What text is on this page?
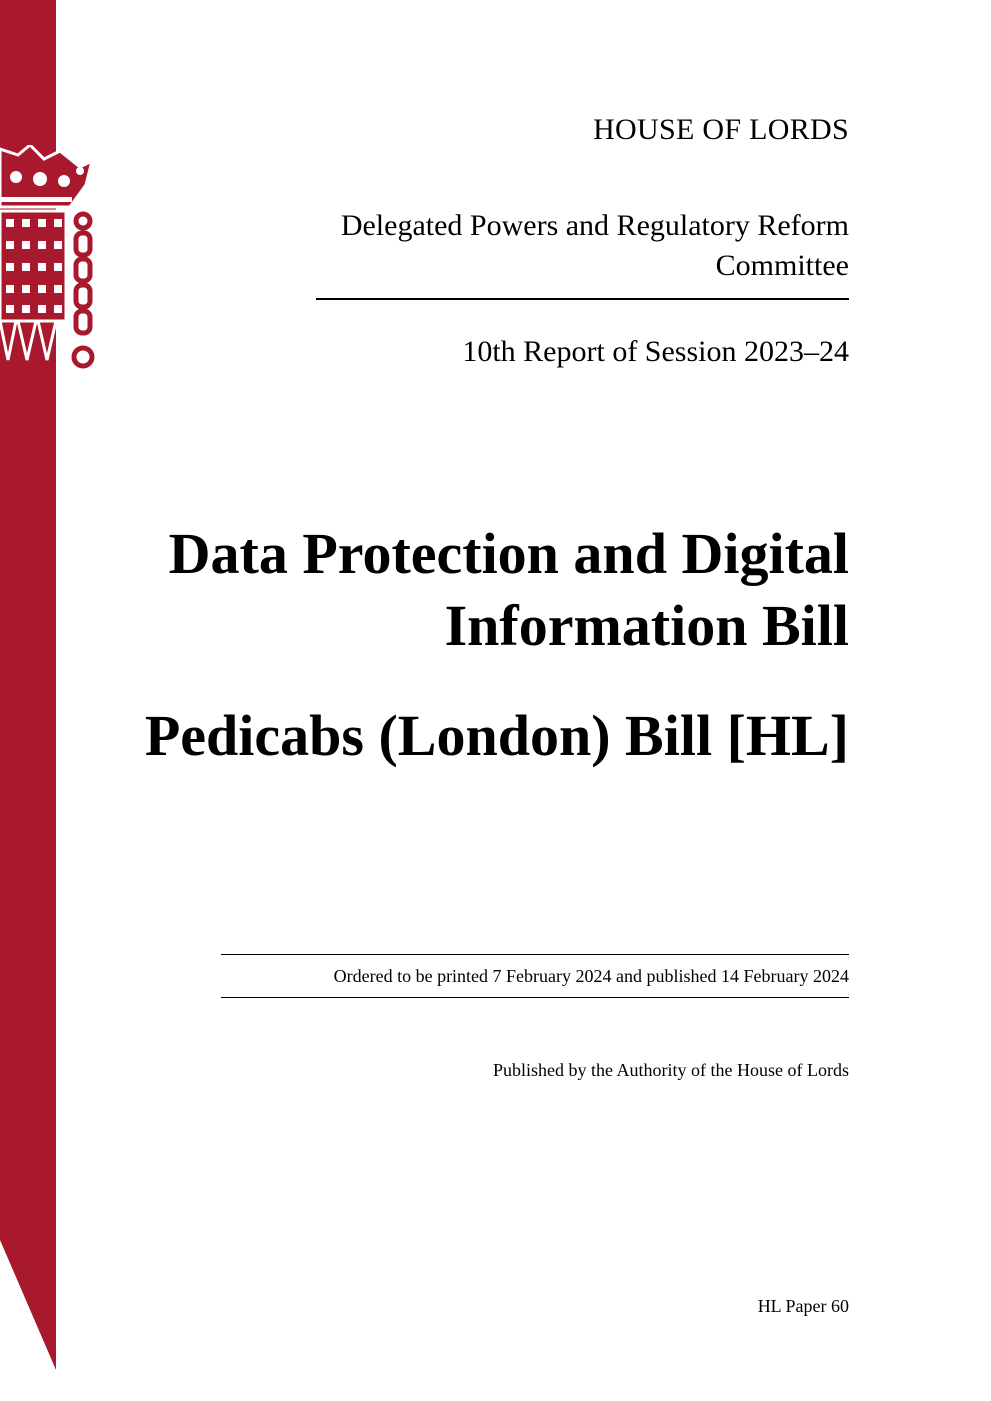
HOUSE OF LORDS
Delegated Powers and Regulatory Reform Committee
10th Report of Session 2023–24
Data Protection and Digital Information Bill
Pedicabs (London) Bill [HL]
Ordered to be printed 7 February 2024 and published 14 February 2024
Published by the Authority of the House of Lords
HL Paper 60
